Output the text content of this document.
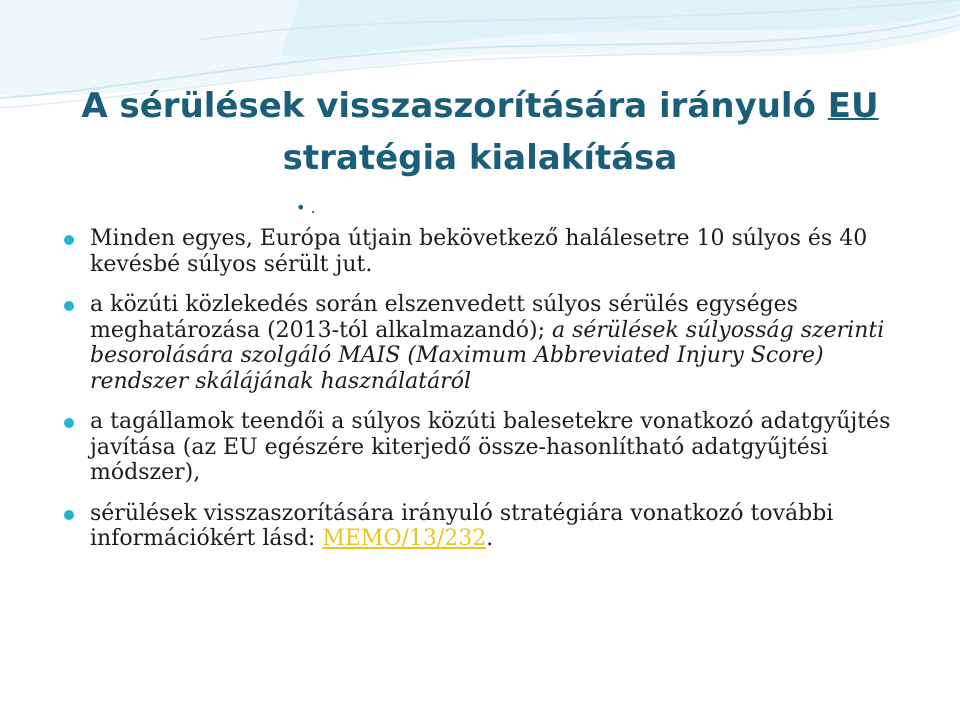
A sérülések visszaszorítására irányuló EU
stratégia kialakítása
• .
Minden egyes, Európa útjain bekövetkező halálesetre 10 súlyos és 40 kevésbé súlyos sérült jut.
a közúti közlekedés során elszenvedett súlyos sérülés egységes meghatározása (2013-tól alkalmazandó); a sérülések súlyosság szerinti besorolására szolgáló MAIS (Maximum Abbreviated Injury Score) rendszer skálájának használatáról
a tagállamok teendői a súlyos közúti balesetekre vonatkozó adatgyűjtés javítása (az EU egészére kiterjedő össze-hasonlítható adatgyűjtési módszer),
sérülések visszaszorítására irányuló stratégiára vonatkozó további információkért lásd: MEMO/13/232.
